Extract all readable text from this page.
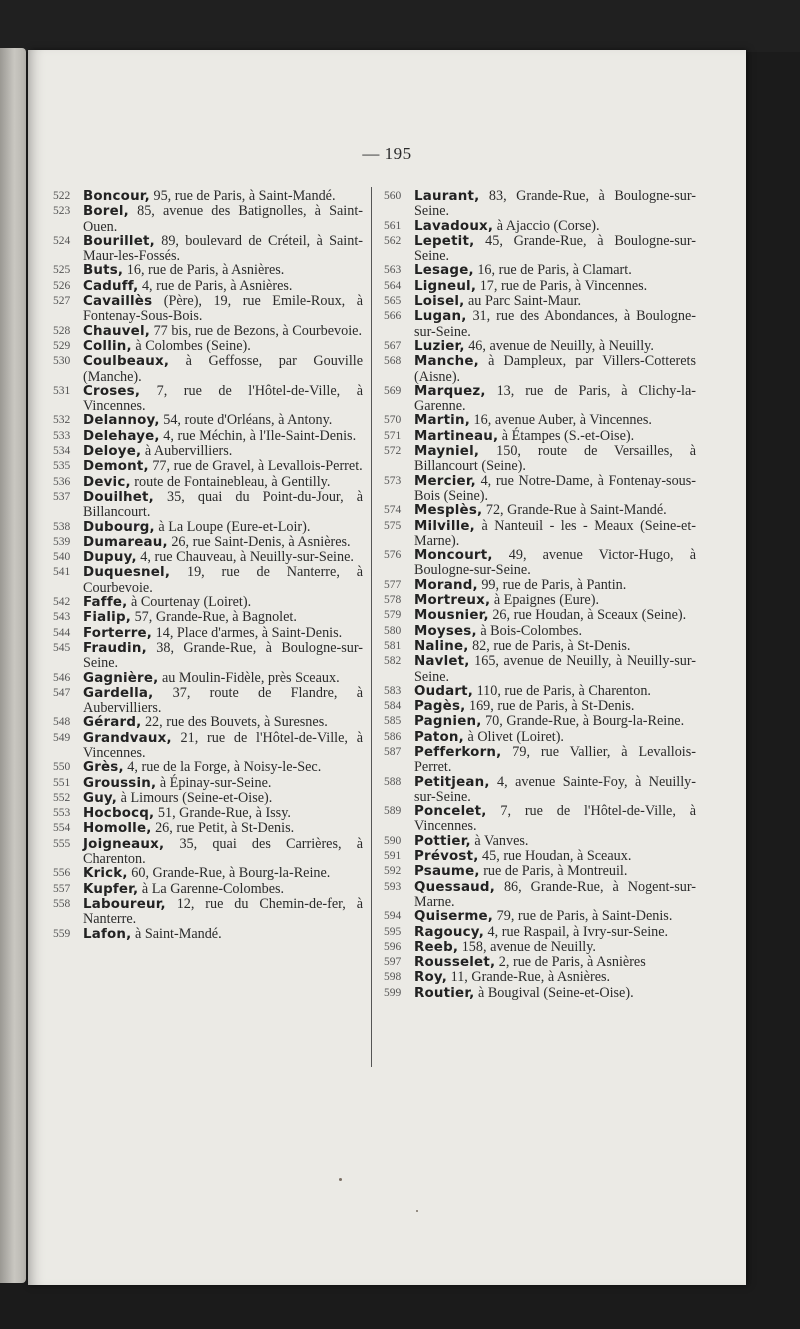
— 195
522 Boncour, 95, rue de Paris, à Saint-Mandé.
523 Borel, 85, avenue des Batignolles, à Saint-Ouen.
524 Bourillet, 89, boulevard de Créteil, à Saint-Maur-les-Fossés.
525 Buts, 16, rue de Paris, à Asnières.
526 Caduff, 4, rue de Paris, à Asnières.
527 Cavaillès (Père), 19, rue Emile-Roux, à Fontenay-Sous-Bois.
528 Chauvel, 77 bis, rue de Bezons, à Courbevoie.
529 Collin, à Colombes (Seine).
530 Coulbeaux, à Geffosse, par Gouville (Manche).
531 Croses, 7, rue de l'Hôtel-de-Ville, à Vincennes.
532 Delannoy, 54, route d'Orléans, à Antony.
533 Delehaye, 4, rue Méchin, à l'Ile-Saint-Denis.
534 Deloye, à Aubervilliers.
535 Demont, 77, rue de Gravel, à Levallois-Perret.
536 Devic, route de Fontainebleau, à Gentilly.
537 Douilhet, 35, quai du Point-du-Jour, à Billancourt.
538 Dubourg, à La Loupe (Eure-et-Loir).
539 Dumareau, 26, rue Saint-Denis, à Asnières.
540 Dupuy, 4, rue Chauveau, à Neuilly-sur-Seine.
541 Duquesnel, 19, rue de Nanterre, à Courbevoie.
542 Faffe, à Courtenay (Loiret).
543 Fialip, 57, Grande-Rue, à Bagnolet.
544 Forterre, 14, Place d'armes, à Saint-Denis.
545 Fraudin, 38, Grande-Rue, à Boulogne-sur-Seine.
546 Gagnière, au Moulin-Fidèle, près Sceaux.
547 Gardella, 37, route de Flandre, à Aubervilliers.
548 Gérard, 22, rue des Bouvets, à Suresnes.
549 Grandvaux, 21, rue de l'Hôtel-de-Ville, à Vincennes.
550 Grès, 4, rue de la Forge, à Noisy-le-Sec.
551 Groussin, à Épinay-sur-Seine.
552 Guy, à Limours (Seine-et-Oise).
553 Hocbocq, 51, Grande-Rue, à Issy.
554 Homolle, 26, rue Petit, à St-Denis.
555 Joigneaux, 35, quai des Carrières, à Charenton.
556 Krick, 60, Grande-Rue, à Bourg-la-Reine.
557 Kupfer, à La Garenne-Colombes.
558 Laboureur, 12, rue du Chemin-de-fer, à Nanterre.
559 Lafon, à Saint-Mandé.
560 Laurant, 83, Grande-Rue, à Boulogne-sur-Seine.
561 Lavadoux, à Ajaccio (Corse).
562 Lepetit, 45, Grande-Rue, à Boulogne-sur-Seine.
563 Lesage, 16, rue de Paris, à Clamart.
564 Ligneul, 17, rue de Paris, à Vincennes.
565 Loisel, au Parc Saint-Maur.
566 Lugan, 31, rue des Abondances, à Boulogne-sur-Seine.
567 Luzier, 46, avenue de Neuilly, à Neuilly.
568 Manche, à Dampleux, par Villers-Cotterets (Aisne).
569 Marquez, 13, rue de Paris, à Clichy-la-Garenne.
570 Martin, 16, avenue Auber, à Vincennes.
571 Martineau, à Étampes (S.-et-Oise).
572 Mayniel, 150, route de Versailles, à Billancourt (Seine).
573 Mercier, 4, rue Notre-Dame, à Fontenay-sous-Bois (Seine).
574 Mesplès, 72, Grande-Rue à Saint-Mandé.
575 Milville, à Nanteuil - les - Meaux (Seine-et-Marne).
576 Moncourt, 49, avenue Victor-Hugo, à Boulogne-sur-Seine.
577 Morand, 99, rue de Paris, à Pantin.
578 Mortreux, à Epaignes (Eure).
579 Mousnier, 26, rue Houdan, à Sceaux (Seine).
580 Moyses, à Bois-Colombes.
581 Naline, 82, rue de Paris, à St-Denis.
582 Navlet, 165, avenue de Neuilly, à Neuilly-sur-Seine.
583 Oudart, 110, rue de Paris, à Charenton.
584 Pagès, 169, rue de Paris, à St-Denis.
585 Pagnien, 70, Grande-Rue, à Bourg-la-Reine.
586 Paton, à Olivet (Loiret).
587 Pefferkorn, 79, rue Vallier, à Levallois-Perret.
588 Petitjean, 4, avenue Sainte-Foy, à Neuilly-sur-Seine.
589 Poncelet, 7, rue de l'Hôtel-de-Ville, à Vincennes.
590 Pottier, à Vanves.
591 Prévost, 45, rue Houdan, à Sceaux.
592 Psaume, rue de Paris, à Montreuil.
593 Quessaud, 86, Grande-Rue, à Nogent-sur-Marne.
594 Quiserme, 79, rue de Paris, à Saint-Denis.
595 Ragoucy, 4, rue Raspail, à Ivry-sur-Seine.
596 Reeb, 158, avenue de Neuilly.
597 Rousselet, 2, rue de Paris, à Asnières
598 Roy, 11, Grande-Rue, à Asnières.
599 Routier, à Bougival (Seine-et-Oise).
